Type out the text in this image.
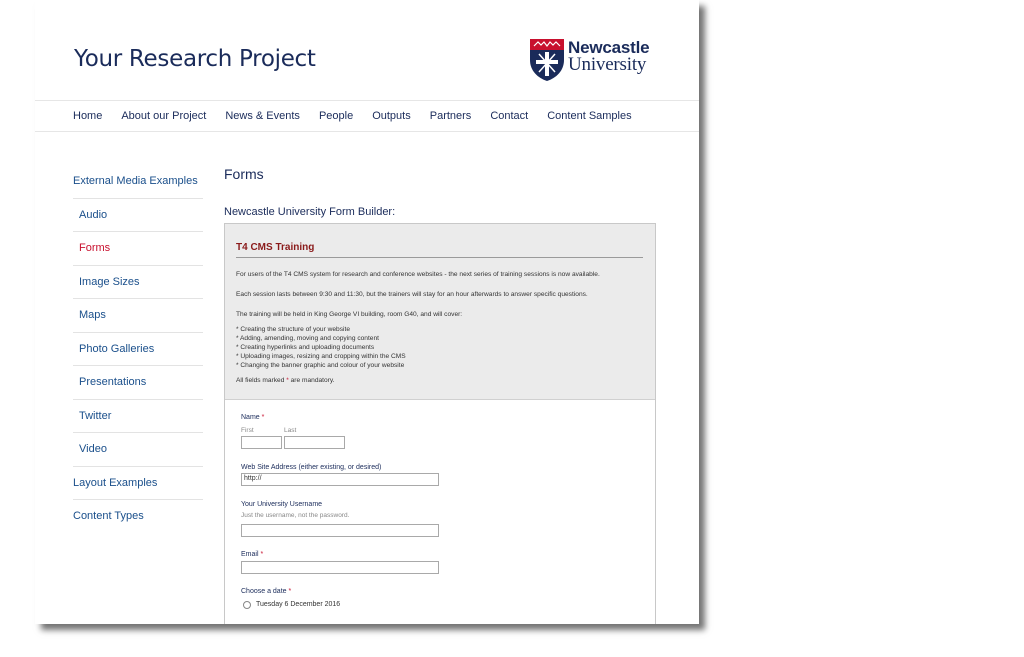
Your Research Project	Newcastle
University
Home About our Project News & Events People Outputs Partners Contact Content Samples
External Media Examples
Audio
Forms
Image Sizes
Maps
Photo Galleries
Presentations
Twitter
Video
Layout Examples
Content Types
Forms
Newcastle University Form Builder:
T4 CMS Training

For users of the T4 CMS system for research and conference websites - the next series of training sessions is now available.

Each session lasts between 9:30 and 11:30, but the trainers will stay for an hour afterwards to answer specific questions.

The training will be held in King George VI building, room G40, and will cover:

* Creating the structure of your website
* Adding, amending, moving and copying content
* Creating hyperlinks and uploading documents
* Uploading images, resizing and cropping within the CMS
* Changing the banner graphic and colour of your website

All fields marked * are mandatory.

Name *
First	Last
Web Site Address (either existing, or desired)
http://
Your University Username
Just the username, not the password.
Email *
Choose a date *
Tuesday 6 December 2016
